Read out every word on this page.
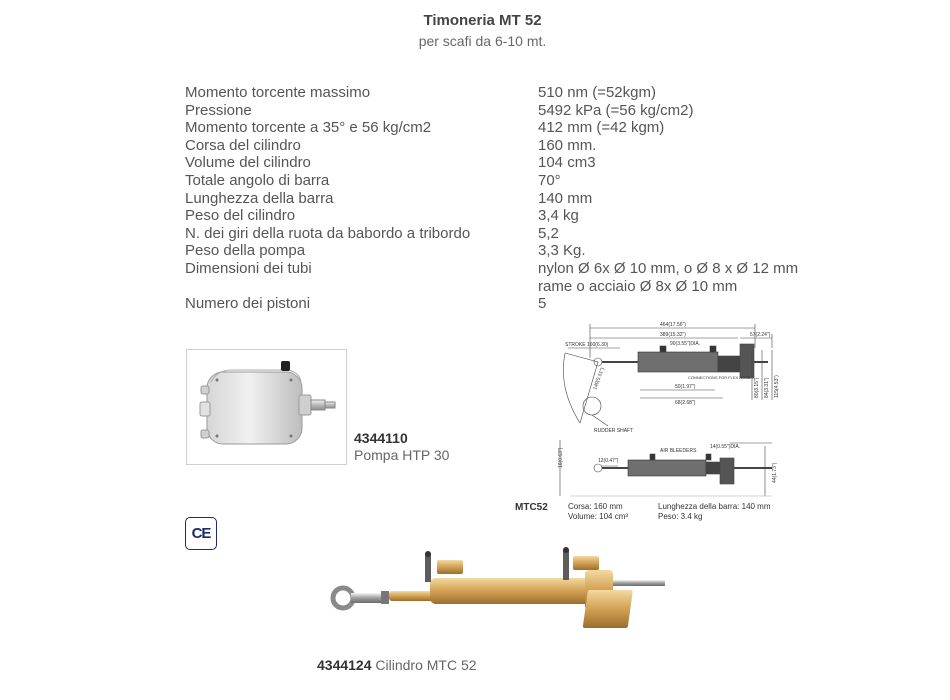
Timoneria MT 52
per scafi da 6-10 mt.
Momento torcente massimo	510 nm (=52kgm)
Pressione	5492 kPa (=56 kg/cm2)
Momento torcente a 35° e 56 kg/cm2	412 mm (=42 kgm)
Corsa del cilindro	160 mm.
Volume del cilindro	104 cm3
Totale angolo di barra	70°
Lunghezza della barra	140 mm
Peso del cilindro	3,4 kg
N. dei giri della ruota da babordo a tribordo	5,2
Peso della pompa	3,3 Kg.
Dimensioni dei tubi	nylon Ø 6x Ø 10 mm, o Ø 8 x Ø 12 mm
rame o acciaio Ø 8x Ø 10 mm
Numero dei pistoni	5
4344110
Pompa HTP 30
464(17.56")
389(15.32")	57(2.24")
STROKE 160(6.30)	90(3.55")DIA.
CONNECTIONS FOR FLEX HOSE
140(5.51")	50(1.97")
68(2.68")
RUDDER SHAFT
80(3.15") 84(3.31") 115(4.53")
16(0.63")	12(0.47")
AIR BLEEDERS
14(0.55")DIA.
44(1.73")
Corsa: 160 mm
Volume: 104 cm³
Lunghezza della barra: 140 mm
Peso: 3.4 kg
MTC52
CE
4344124 Cilindro MTC 52
